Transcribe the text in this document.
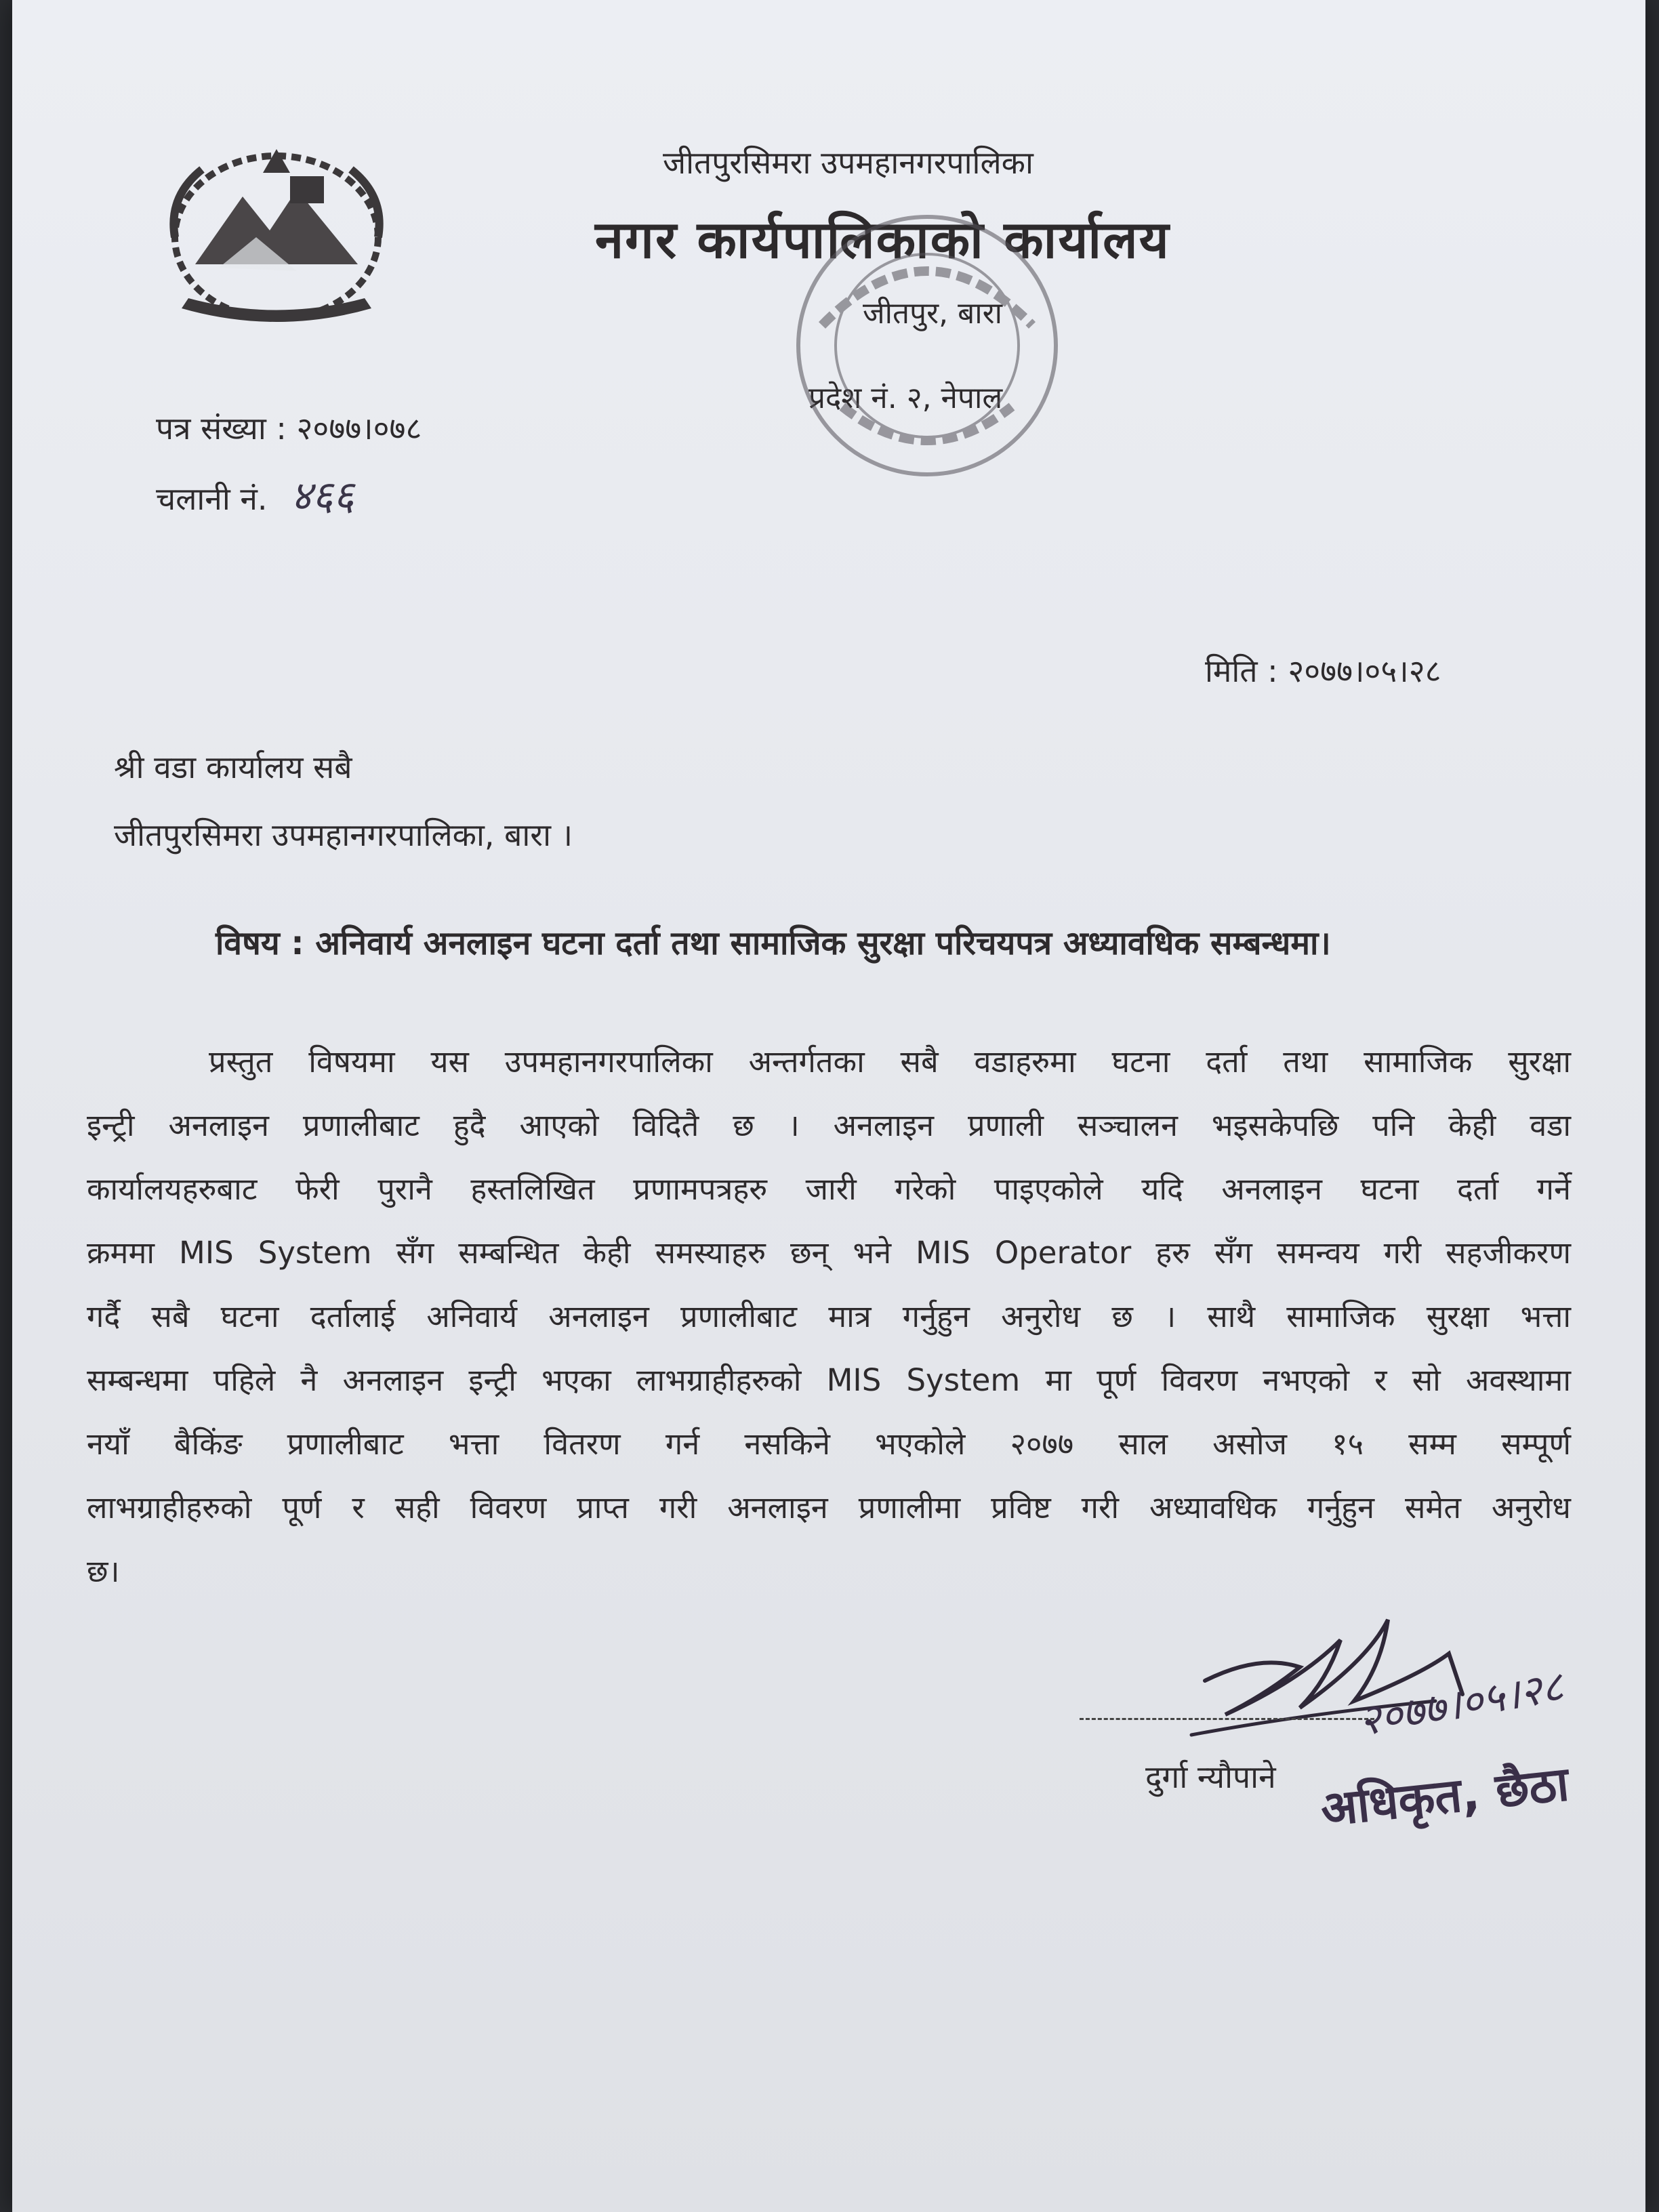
जीतपुरसिमरा उपमहानगरपालिका
नगर कार्यपालिकाको कार्यालय
जीतपुर, बारा
प्रदेश नं. २, नेपाल
पत्र संख्या : २०७७।०७८
चलानी नं. ४६६
मिति : २०७७।०५।२८
श्री वडा कार्यालय सबै
जीतपुरसिमरा उपमहानगरपालिका, बारा ।
विषय : अनिवार्य अनलाइन घटना दर्ता तथा सामाजिक सुरक्षा परिचयपत्र अध्यावधिक सम्बन्धमा।
प्रस्तुत विषयमा यस उपमहानगरपालिका अन्तर्गतका सबै वडाहरुमा घटना दर्ता तथा सामाजिक सुरक्षा
इन्ट्री अनलाइन प्रणालीबाट हुदै आएको विदितै छ । अनलाइन प्रणाली सञ्चालन भइसकेपछि पनि केही वडा
कार्यालयहरुबाट फेरी पुरानै हस्तलिखित प्रणामपत्रहरु जारी गरेको पाइएकोले यदि अनलाइन घटना दर्ता गर्ने
क्रममा MIS System सँग सम्बन्धित केही समस्याहरु छन् भने MIS Operator हरु सँग समन्वय गरी सहजीकरण
गर्दै सबै घटना दर्तालाई अनिवार्य अनलाइन प्रणालीबाट मात्र गर्नुहुन अनुरोध छ । साथै सामाजिक सुरक्षा भत्ता
सम्बन्धमा पहिले नै अनलाइन इन्ट्री भएका लाभग्राहीहरुको MIS System मा पूर्ण विवरण नभएको र सो अवस्थामा
नयाँ बैकिंङ प्रणालीबाट भत्ता वितरण गर्न नसकिने भएकोले २०७७ साल असोज १५ सम्म सम्पूर्ण
लाभग्राहीहरुको पूर्ण र सही विवरण प्राप्त गरी अनलाइन प्रणालीमा प्रविष्ट गरी अध्यावधिक गर्नुहुन समेत अनुरोध
छ।
दुर्गा न्यौपाने
२०७७।०५।२८
अधिकृत, छैठा
